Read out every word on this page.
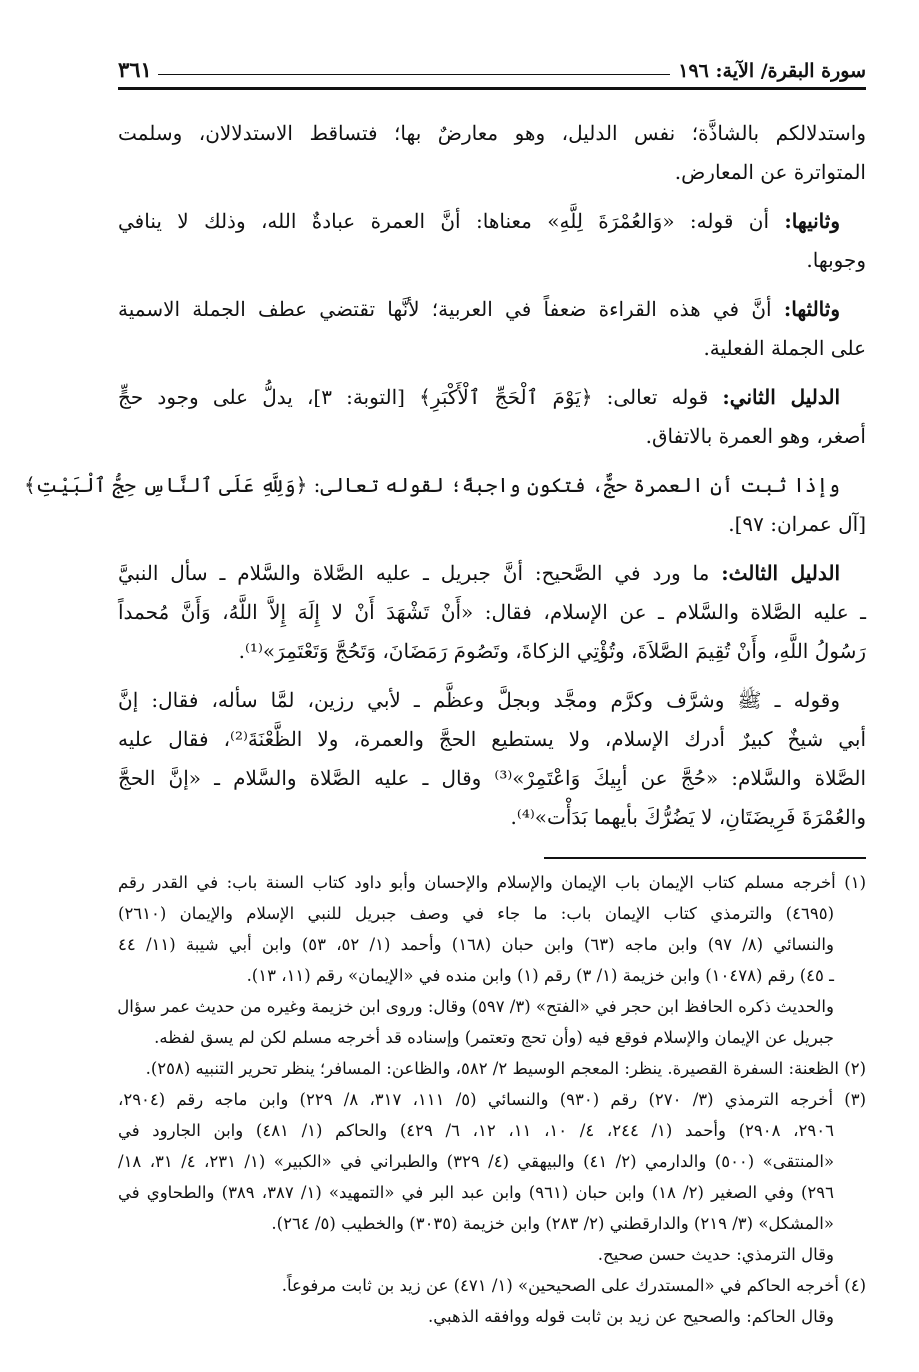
سورة البقرة/ الآية: ١٩٦
٣٦١
واستدلالكم بالشاذَّة؛ نفس الدليل، وهو معارضٌ بها؛ فتساقط الاستدلالان، وسلمت
المتواترة عن المعارض.
وثانيها: أن قوله: «وَالعُمْرَةَ لِلَّهِ» معناها: أنَّ العمرة عبادةٌ الله، وذلك لا ينافي
وجوبها.
وثالثها: أنَّ في هذه القراءة ضعفاً في العربية؛ لأنَّها تقتضي عطف الجملة الاسمية
على الجملة الفعلية.
الدليل الثاني: قوله تعالى: ﴿يَوْمَ ٱلْحَجِّ ٱلْأَكْبَرِ﴾ [التوبة: ٣]، يدلُّ على وجود حجٍّ
أصغر، وهو العمرة بالاتفاق.
وإذا ثبت أن العمرة حجٌّ، فتكون واجبةً؛ لقوله تعالى: ﴿وَلِلَّهِ عَلَى ٱلنَّاسِ حِجُّ ٱلْبَيْتِ﴾
[آل عمران: ٩٧].
الدليل الثالث: ما ورد في الصَّحيح: أنَّ جبريل ـ عليه الصَّلاة والسَّلام ـ سأل النبيَّ
ـ عليه الصَّلاة والسَّلام ـ عن الإسلام، فقال: «أَنْ تَشْهَدَ أَنْ لا إِلَهَ إِلاَّ اللَّهُ، وَأَنَّ مُحمداً
رَسُولُ اللَّهِ، وأَنْ تُقِيمَ الصَّلاَةَ، وتُؤْتِي الزكاةَ، وتَصُومَ رَمَضَانَ، وَتَحُجَّ وَتَعْتَمِرَ»⁽¹⁾.
وقوله ـ ﷺ وشرَّف وكرَّم ومجَّد وبجلَّ وعظَّم ـ لأبي رزين، لمَّا سأله، فقال: إنَّ
أبي شيخٌ كبيرٌ أدرك الإسلام، ولا يستطيع الحجَّ والعمرة، ولا الظَّعْنَةَ⁽²⁾، فقال عليه
الصَّلاة والسَّلام: «حُجَّ عن أبِيكَ وَاعْتَمِرْ»⁽³⁾ وقال ـ عليه الصَّلاة والسَّلام ـ «إنَّ الحجَّ
والعُمْرَةَ فَرِيضَتَانِ، لا يَضُرُّكَ بأيهما بَدَأْت»⁽⁴⁾.
(١) أخرجه مسلم كتاب الإيمان باب الإيمان والإسلام والإحسان وأبو داود كتاب السنة باب: في القدر رقم
(٤٦٩٥) والترمذي كتاب الإيمان باب: ما جاء في وصف جبريل للنبي الإسلام والإيمان (٢٦١٠)
والنسائي (٨/ ٩٧) وابن ماجه (٦٣) وابن حبان (١٦٨) وأحمد (١/ ٥٢، ٥٣) وابن أبي شيبة (١١/ ٤٤
ـ ٤٥) رقم (١٠٤٧٨) وابن خزيمة (١/ ٣) رقم (١) وابن منده في «الإيمان» رقم (١١، ١٣).
والحديث ذكره الحافظ ابن حجر في «الفتح» (٣/ ٥٩٧) وقال: وروى ابن خزيمة وغيره من حديث عمر سؤال
جبريل عن الإيمان والإسلام فوقع فيه (وأن تحج وتعتمر) وإسناده قد أخرجه مسلم لكن لم يسق لفظه.
(٢) الظعنة: السفرة القصيرة. ينظر: المعجم الوسيط ٢/ ٥٨٢، والظاعن: المسافر؛ ينظر تحرير التنبيه (٢٥٨).
(٣) أخرجه الترمذي (٣/ ٢٧٠) رقم (٩٣٠) والنسائي (٥/ ١١١، ٣١٧، ٨/ ٢٢٩) وابن ماجه رقم (٢٩٠٤،
٢٩٠٦، ٢٩٠٨) وأحمد (١/ ٢٤٤، ٤/ ١٠، ١١، ١٢، ٦/ ٤٢٩) والحاكم (١/ ٤٨١) وابن الجارود في
«المنتقى» (٥٠٠) والدارمي (٢/ ٤١) والبيهقي (٤/ ٣٢٩) والطبراني في «الكبير» (١/ ٢٣١، ٤/ ٣١، ١٨/
٢٩٦) وفي الصغير (٢/ ١٨) وابن حبان (٩٦١) وابن عبد البر في «التمهيد» (١/ ٣٨٧، ٣٨٩) والطحاوي في
«المشكل» (٣/ ٢١٩) والدارقطني (٢/ ٢٨٣) وابن خزيمة (٣٠٣٥) والخطيب (٥/ ٢٦٤).
وقال الترمذي: حديث حسن صحيح.
(٤) أخرجه الحاكم في «المستدرك على الصحيحين» (١/ ٤٧١) عن زيد بن ثابت مرفوعاً.
وقال الحاكم: والصحيح عن زيد بن ثابت قوله ووافقه الذهبي.
